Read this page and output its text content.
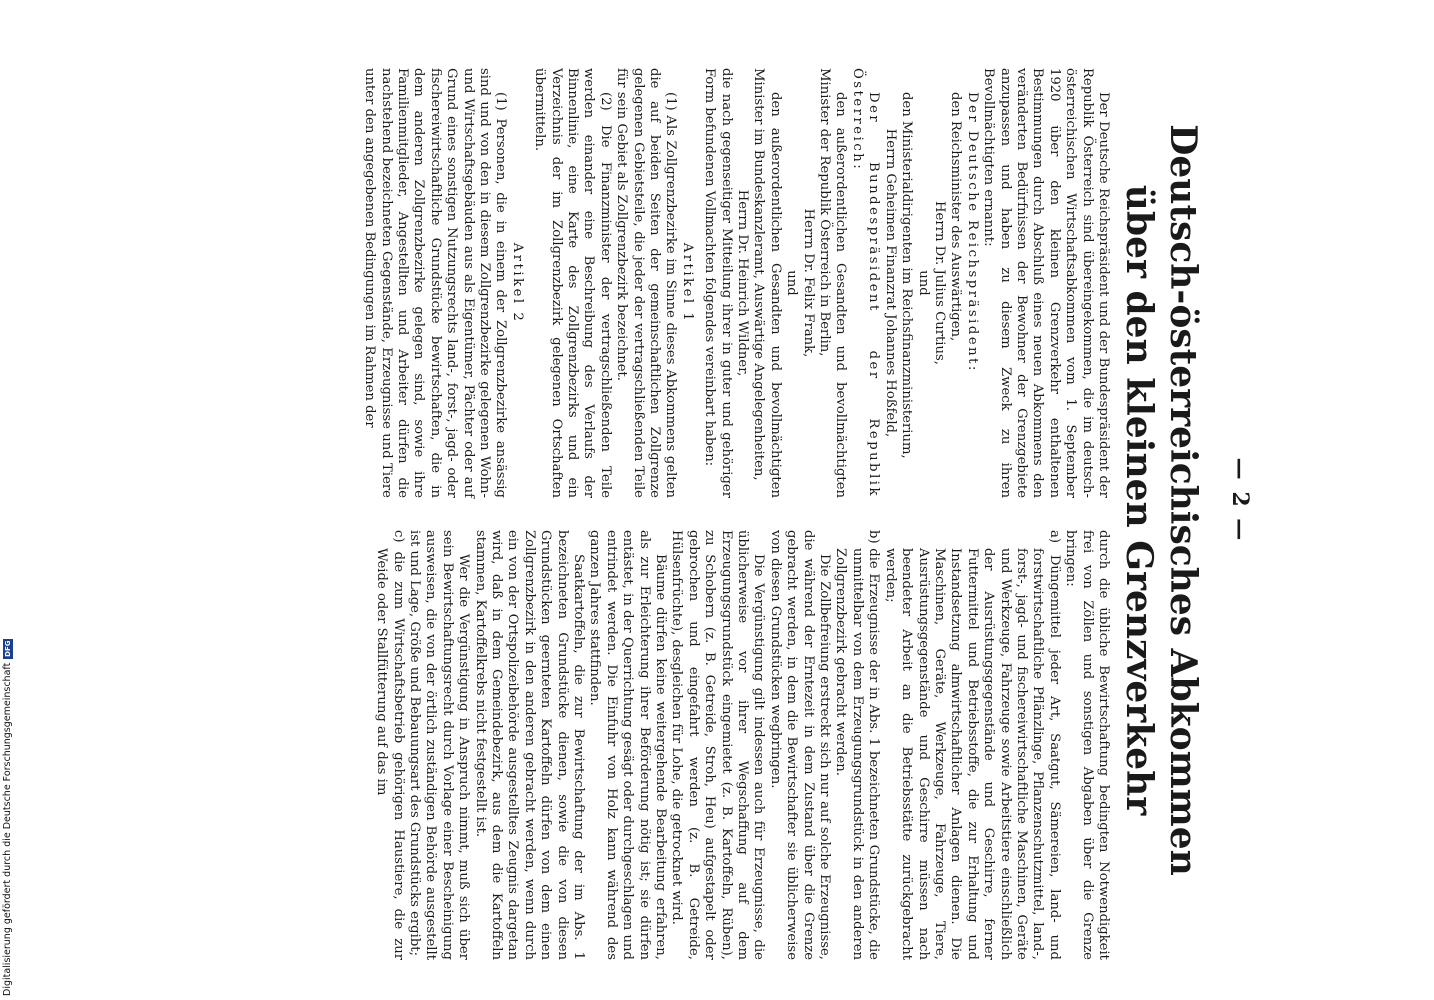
— 2 —
Deutsch-österreichisches Abkommen über den kleinen Grenzverkehr

Der Deutsche Reichspräsident und der Bundespräsident der Republik Österreich sind übereingekommen, die im deutsch-österreichischen Wirtschaftsabkommen vom 1. September 1920 über den kleinen Grenzverkehr enthaltenen Bestimmungen durch Abschluß eines neuen Abkommens den veränderten Bedürfnissen der Bewohner der Grenzgebiete anzupassen und haben zu diesem Zweck zu ihren Bevollmächtigten ernannt:

Der Deutsche Reichspräsident:

den Reichsminister des Auswärtigen,

Herrn Dr. Julius Curtius,

und

den Ministerialdirigenten im Reichsfinanzministerium,

Herrn Geheimen Finanzrat Johannes Hoßfeld,

Der Bundespräsident der Republik Österreich:

den außerordentlichen Gesandten und bevollmächtigten Minister der Republik Österreich in Berlin,

Herrn Dr. Felix Frank,

und

den außerordentlichen Gesandten und bevollmächtigten Minister im Bundeskanzleramt, Auswärtige Angelegenheiten,

Herrn Dr. Heinrich Wildner,

die nach gegenseitiger Mitteilung ihrer in guter und gehöriger Form befundenen Vollmachten folgendes vereinbart haben:

Artikel 1

(1) Als Zollgrenzbezirke im Sinne dieses Abkommens gelten die auf beiden Seiten der gemeinschaftlichen Zollgrenze gelegenen Gebietsteile, die jeder der vertragschließenden Teile für sein Gebiet als Zollgrenzbezirk bezeichnet.

(2) Die Finanzminister der vertragschließenden Teile werden einander eine Beschreibung des Verlaufs der Binnenlinie, eine Karte des Zollgrenzbezirks und ein Verzeichnis der im Zollgrenzbezirk gelegenen Ortschaften übermitteln.

Artikel 2

(1) Personen, die in einem der Zollgrenzbezirke ansässig sind und von den in diesem Zollgrenzbezirke gelegenen Wohn- und Wirtschaftsgebäuden aus als Eigentümer, Pächter oder auf Grund eines sonstigen Nutzungsrechts land-, forst-, jagd- oder fischereiwirtschaftliche Grundstücke bewirtschaften, die in dem anderen Zollgrenzbezirke gelegen sind, sowie ihre Familienmitglieder, Angestellten und Arbeiter dürfen die nachstehend bezeichneten Gegenstände, Erzeugnisse und Tiere unter den angegebenen Bedingungen im Rahmen der

durch die übliche Bewirtschaftung bedingten Notwendigkeit frei von Zöllen und sonstigen Abgaben über die Grenze bringen:

a) Düngemittel jeder Art, Saatgut, Sämereien, land- und forstwirtschaftliche Pflänzlinge, Pflanzenschutzmittel, land-, forst-, jagd- und fischereiwirtschaftliche Maschinen, Geräte und Werkzeuge, Fahrzeuge sowie Arbeitstiere einschließlich der Ausrüstungsgegenstände und Geschirre, ferner Futtermittel und Betriebsstoffe, die zur Erhaltung und Instandsetzung almwirtschaftlicher Anlagen dienen. Die Maschinen, Geräte, Werkzeuge, Fahrzeuge, Tiere, Ausrüstungsgegenstände und Geschirre müssen nach beendeter Arbeit an die Betriebsstätte zurückgebracht werden;

b) die Erzeugnisse der in Abs. 1 bezeichneten Grundstücke, die unmittelbar von dem Erzeugungsgrundstück in den anderen Zollgrenzbezirk gebracht werden.

Die Zollbefreiung erstreckt sich nur auf solche Erzeugnisse, die während der Erntezeit in dem Zustand über die Grenze gebracht werden, in dem die Bewirtschafter sie üblicherweise von diesen Grundstücken wegbringen.

Die Vergünstigung gilt indessen auch für Erzeugnisse, die üblicherweise vor ihrer Wegschaffung auf dem Erzeugungsgrundstück eingemietet (z. B. Kartoffeln, Rüben), zu Schobern (z. B. Getreide, Stroh, Heu) aufgestapelt oder gebrochen und eingefahrt werden (z. B. Getreide, Hülsenfrüchte), desgleichen für Lohe, die getrocknet wird.

Bäume dürfen keine weitergehende Bearbeitung erfahren, als zur Erleichterung ihrer Beförderung nötig ist; sie dürfen entästet, in der Querrichtung gesägt oder durchgeschlagen und entrindet werden. Die Einfuhr von Holz kann während des ganzen Jahres stattfinden.

Saatkartoffeln, die zur Bewirtschaftung der im Abs. 1 bezeichneten Grundstücke dienen, sowie die von diesen Grundstücken geernteten Kartoffeln dürfen von dem einen Zollgrenzbezirk in den anderen gebracht werden, wenn durch ein von der Ortspolizeibehörde ausgestelltes Zeugnis dargetan wird, daß in dem Gemeindebezirk, aus dem die Kartoffeln stammen, Kartoffelkrebs nicht festgestellt ist.

Wer die Vergünstigung in Anspruch nimmt, muß sich über sein Bewirtschaftungsrecht durch Vorlage einer Bescheinigung ausweisen, die von der örtlich zuständigen Behörde ausgestellt ist und Lage, Größe und Bebauungsart des Grundstücks ergibt;

c) die zum Wirtschaftsbetrieb gehörigen Haustiere, die zur Weide oder Stallfütterung auf das im

Digitalisierung gefördert durch die Deutsche Forschungsgemeinschaft
DFG
